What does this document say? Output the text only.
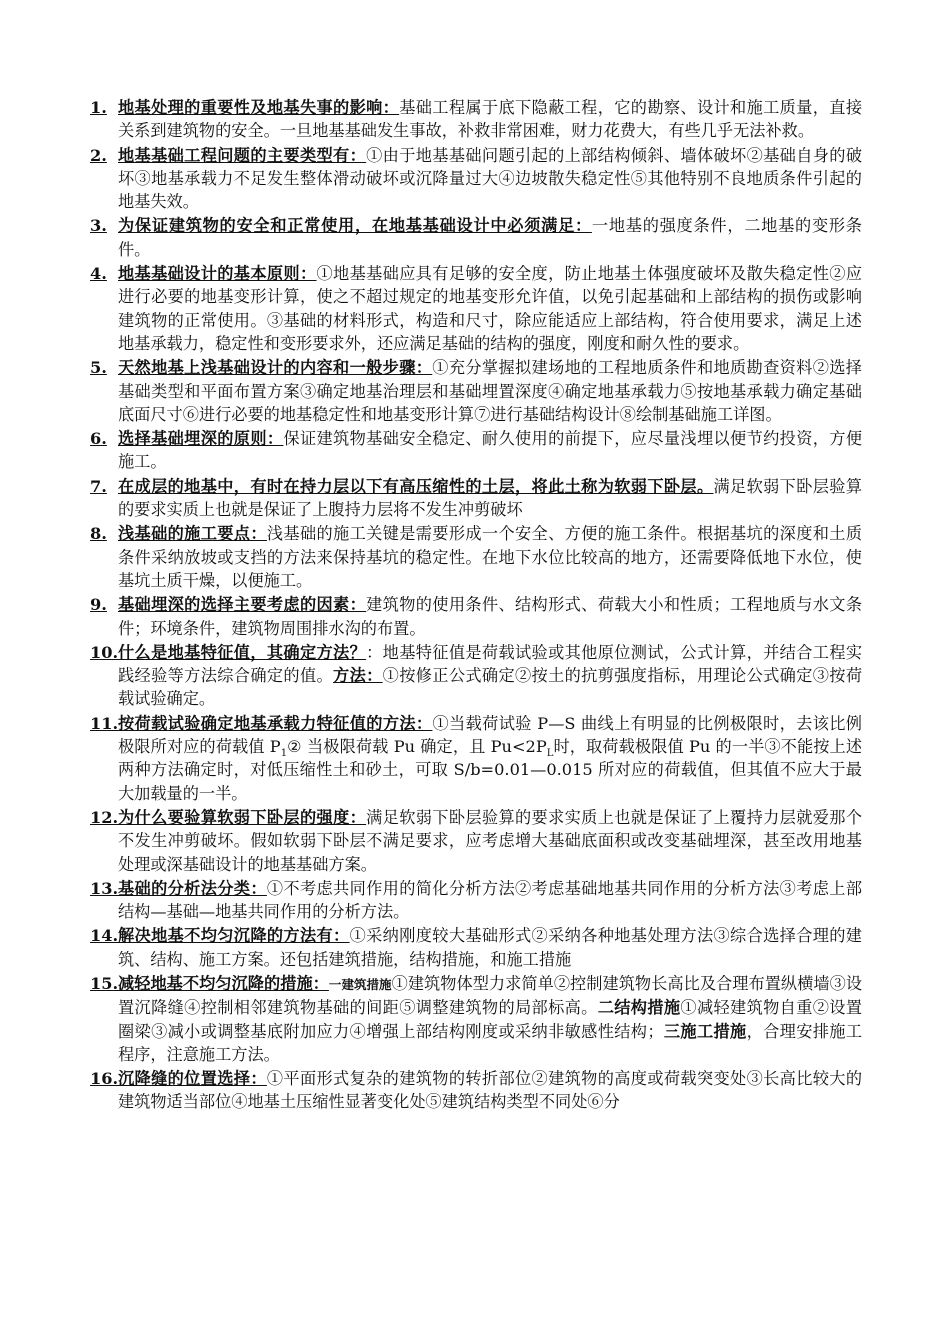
1. 地基处理的重要性及地基失事的影响：基础工程属于底下隐蔽工程，它的勘察、设计和施工质量，直接关系到建筑物的安全。一旦地基基础发生事故，补救非常困难，财力花费大，有些几乎无法补救。
2. 地基基础工程问题的主要类型有：①由于地基基础问题引起的上部结构倾斜、墙体破坏②基础自身的破坏③地基承载力不足发生整体滑动破坏或沉降量过大④边坡散失稳定性⑤其他特别不良地质条件引起的地基失效。
3. 为保证建筑物的安全和正常使用，在地基基础设计中必须满足：一地基的强度条件，二地基的变形条件。
4. 地基基础设计的基本原则：①地基基础应具有足够的安全度，防止地基土体强度破坏及散失稳定性②应进行必要的地基变形计算，使之不超过规定的地基变形允许值，以免引起基础和上部结构的损伤或影响建筑物的正常使用。③基础的材料形式，构造和尺寸，除应能适应上部结构，符合使用要求，满足上述地基承载力，稳定性和变形要求外，还应满足基础的结构的强度，刚度和耐久性的要求。
5. 天然地基上浅基础设计的内容和一般步骤：①充分掌握拟建场地的工程地质条件和地质勘查资料②选择基础类型和平面布置方案③确定地基治理层和基础埋置深度④确定地基承载力⑤按地基承载力确定基础底面尺寸⑥进行必要的地基稳定性和地基变形计算⑦进行基础结构设计⑧绘制基础施工详图。
6. 选择基础埋深的原则：保证建筑物基础安全稳定、耐久使用的前提下，应尽量浅埋以便节约投资，方便施工。
7. 在成层的地基中，有时在持力层以下有高压缩性的土层，将此土称为软弱下卧层。满足软弱下卧层验算的要求实质上也就是保证了上腹持力层将不发生冲剪破坏
8. 浅基础的施工要点：浅基础的施工关键是需要形成一个安全、方便的施工条件。根据基坑的深度和土质条件采纳放坡或支挡的方法来保持基坑的稳定性。在地下水位比较高的地方，还需要降低地下水位，使基坑土质干燥，以便施工。
9. 基础埋深的选择主要考虑的因素：建筑物的使用条件、结构形式、荷载大小和性质；工程地质与水文条件；环境条件，建筑物周围排水沟的布置。
10. 什么是地基特征值，其确定方法？：地基特征值是荷载试验或其他原位测试，公式计算，并结合工程实践经验等方法综合确定的值。方法：①按修正公式确定②按土的抗剪强度指标，用理论公式确定③按荷载试验确定。
11. 按荷载试验确定地基承载力特征值的方法：①当载荷试验 P—S 曲线上有明显的比例极限时，去该比例极限所对应的荷载值 $P_1②$ 当极限荷载 Pu 确定，且 $Pu<2P_L$时，取荷载极限值 Pu 的一半③不能按上述两种方法确定时，对低压缩性土和砂土，可取 S/b=0.01—0.015 所对应的荷载值，但其值不应大于最大加载量的一半。
12. 为什么要验算软弱下卧层的强度：满足软弱下卧层验算的要求实质上也就是保证了上覆持力层就爱那个不发生冲剪破坏。假如软弱下卧层不满足要求，应考虑增大基础底面积或改变基础埋深，甚至改用地基处理或深基础设计的地基基础方案。
13. 基础的分析法分类：①不考虑共同作用的简化分析方法②考虑基础地基共同作用的分析方法③考虑上部结构—基础—地基共同作用的分析方法。
14. 解决地基不均匀沉降的方法有：①采纳刚度较大基础形式②采纳各种地基处理方法③综合选择合理的建筑、结构、施工方案。还包括建筑措施，结构措施，和施工措施
15. 减轻地基不均匀沉降的措施：一建筑措施①建筑物体型力求简单②控制建筑物长高比及合理布置纵横墙③设置沉降缝④控制相邻建筑物基础的间距⑤调整建筑物的局部标高。二结构措施①减轻建筑物自重②设置圈梁③减小或调整基底附加应力④增强上部结构刚度或采纳非敏感性结构；三施工措施，合理安排施工程序，注意施工方法。
16. 沉降缝的位置选择：①平面形式复杂的建筑物的转折部位②建筑物的高度或荷载突变处③长高比较大的建筑物适当部位④地基土压缩性显著变化处⑤建筑结构类型不同处⑥分
